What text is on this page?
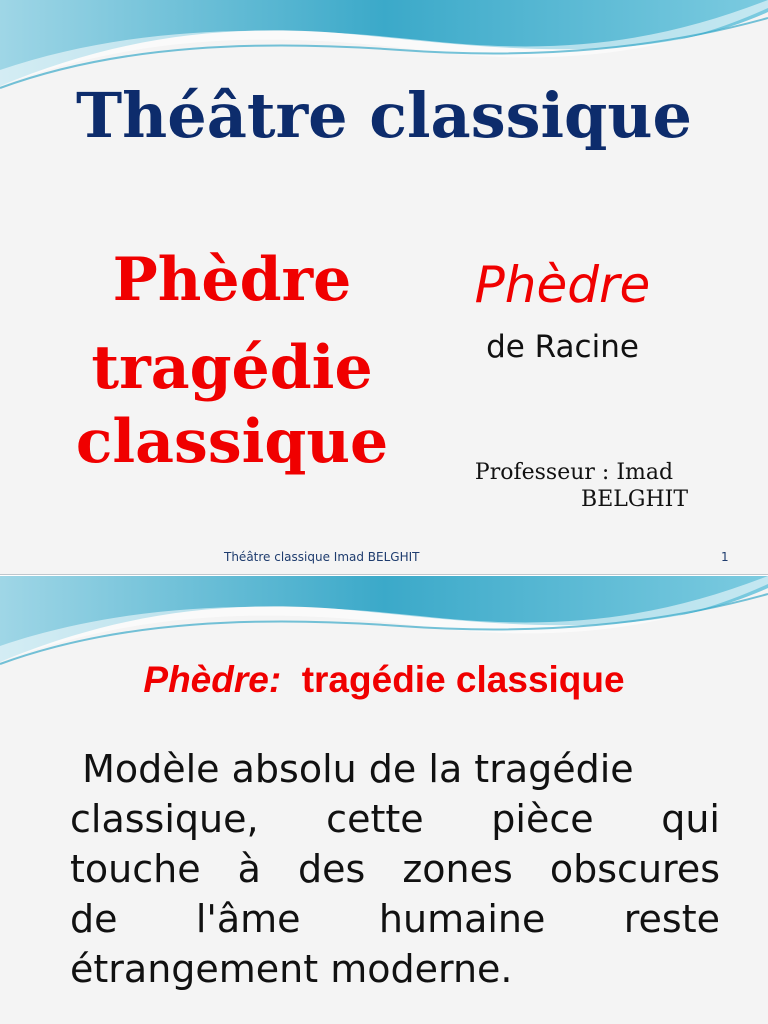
Théâtre classique
Phèdre
tragédie
classique
Phèdre
de Racine
Professeur : Imad
BELGHIT
Théâtre classique Imad BELGHIT	1
Phèdre:  tragédie classique
Modèle absolu de la tragédie
classique, cette pièce qui
touche à des zones obscures
de l'âme humaine reste
étrangement moderne.
